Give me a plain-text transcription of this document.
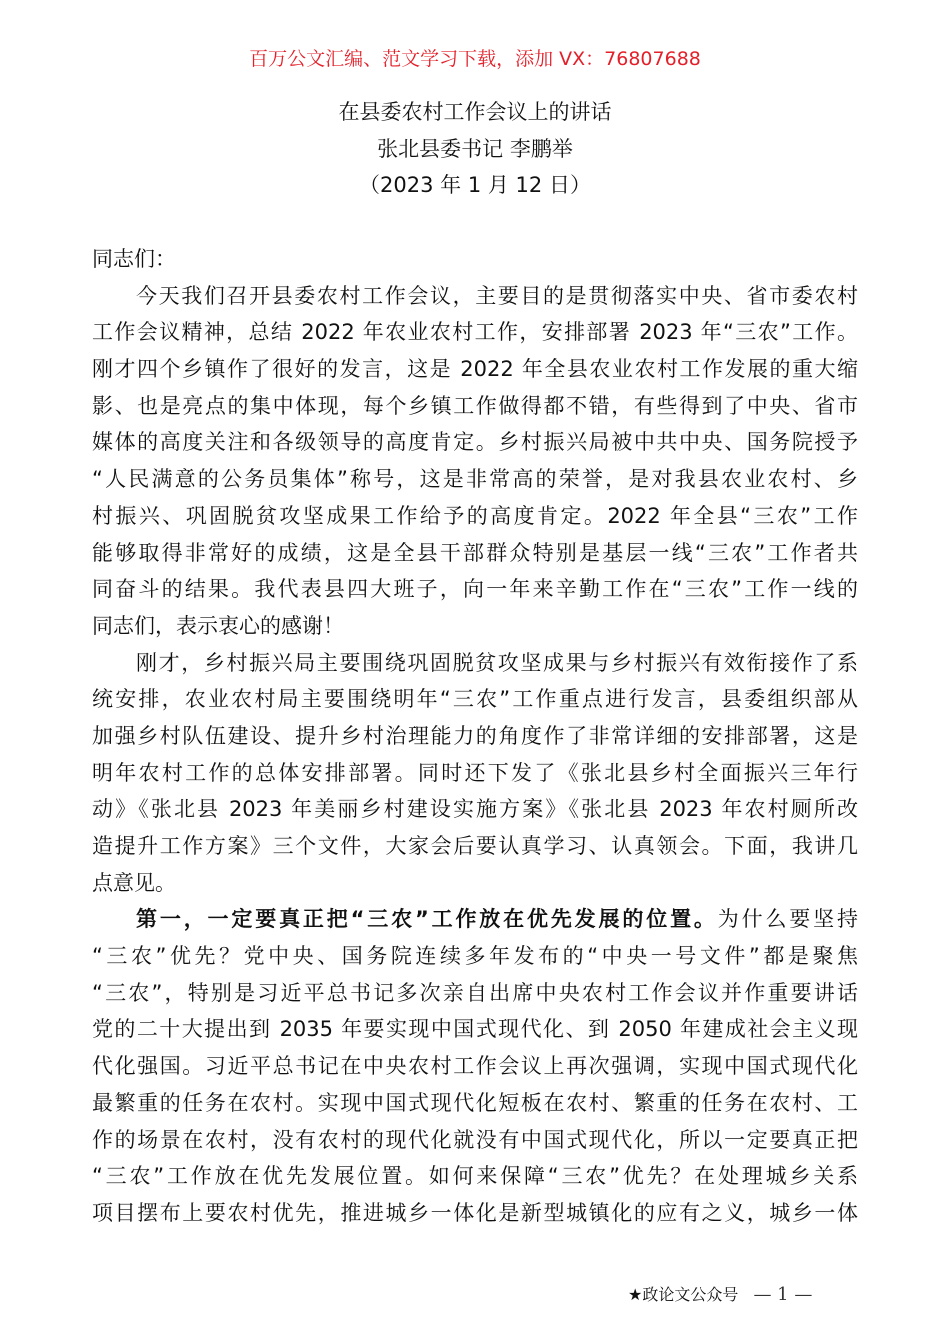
百万公文汇编、范文学习下载，添加 VX：76807688
在县委农村工作会议上的讲话
张北县委书记 李鹏举
（2023 年 1 月 12 日）
同志们：
今天我们召开县委农村工作会议，主要目的是贯彻落实中央、省市委农村
工作会议精神，总结 2022 年农业农村工作，安排部署 2023 年“三农”工作。
刚才四个乡镇作了很好的发言，这是 2022 年全县农业农村工作发展的重大缩
影、也是亮点的集中体现，每个乡镇工作做得都不错，有些得到了中央、省市
媒体的高度关注和各级领导的高度肯定。乡村振兴局被中共中央、国务院授予
“人民满意的公务员集体”称号，这是非常高的荣誉，是对我县农业农村、乡
村振兴、巩固脱贫攻坚成果工作给予的高度肯定。2022 年全县“三农”工作
能够取得非常好的成绩，这是全县干部群众特别是基层一线“三农”工作者共
同奋斗的结果。我代表县四大班子，向一年来辛勤工作在“三农”工作一线的
同志们，表示衷心的感谢！
刚才，乡村振兴局主要围绕巩固脱贫攻坚成果与乡村振兴有效衔接作了系
统安排，农业农村局主要围绕明年“三农”工作重点进行发言，县委组织部从
加强乡村队伍建设、提升乡村治理能力的角度作了非常详细的安排部署，这是
明年农村工作的总体安排部署。同时还下发了《张北县乡村全面振兴三年行
动》《张北县 2023 年美丽乡村建设实施方案》《张北县 2023 年农村厕所改
造提升工作方案》三个文件，大家会后要认真学习、认真领会。下面，我讲几
点意见。
第一，一定要真正把“三农”工作放在优先发展的位置。为什么要坚持
“三农”优先？党中央、国务院连续多年发布的“中央一号文件”都是聚焦
“三农”，特别是习近平总书记多次亲自出席中央农村工作会议并作重要讲话
党的二十大提出到 2035 年要实现中国式现代化、到 2050 年建成社会主义现
代化强国。习近平总书记在中央农村工作会议上再次强调，实现中国式现代化
最繁重的任务在农村。实现中国式现代化短板在农村、繁重的任务在农村、工
作的场景在农村，没有农村的现代化就没有中国式现代化，所以一定要真正把
“三农”工作放在优先发展位置。如何来保障“三农”优先？在处理城乡关系
项目摆布上要农村优先，推进城乡一体化是新型城镇化的应有之义，城乡一体
★政论文公众号 — 1 —
